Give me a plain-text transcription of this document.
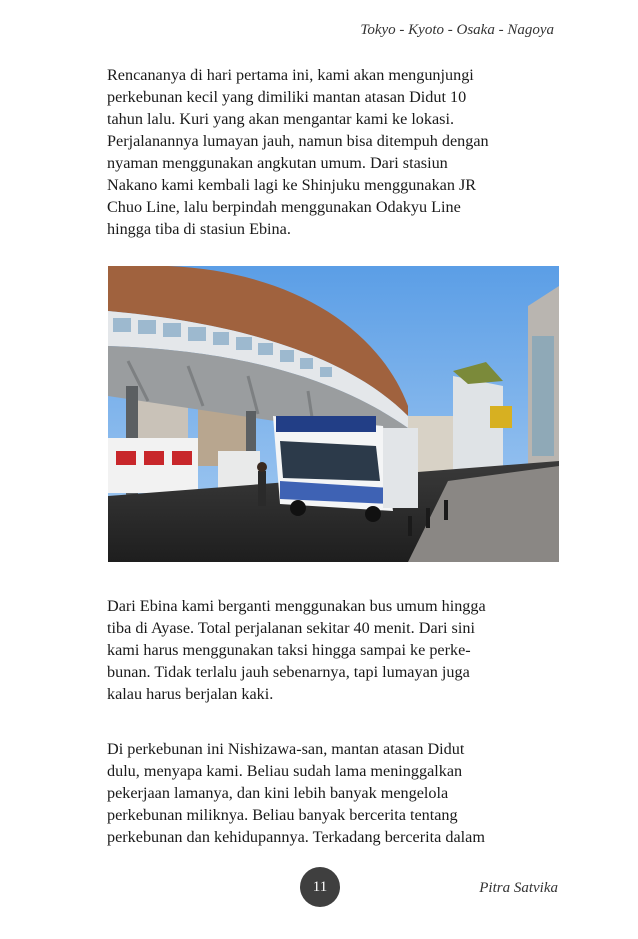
Tokyo - Kyoto - Osaka - Nagoya

Rencananya di hari pertama ini, kami akan mengunjungi
perkebunan kecil yang dimiliki mantan atasan Didut 10
tahun lalu. Kuri yang akan mengantar kami ke lokasi.
Perjalanannya lumayan jauh, namun bisa ditempuh dengan
nyaman menggunakan angkutan umum. Dari stasiun
Nakano kami kembali lagi ke Shinjuku menggunakan JR
Chuo Line, lalu berpindah menggunakan Odakyu Line
hingga tiba di stasiun Ebina.

Dari Ebina kami berganti menggunakan bus umum hingga
tiba di Ayase. Total perjalanan sekitar 40 menit. Dari sini
kami harus menggunakan taksi hingga sampai ke perke-
bunan. Tidak terlalu jauh sebenarnya, tapi lumayan juga
kalau harus berjalan kaki.

Di perkebunan ini Nishizawa-san, mantan atasan Didut
dulu, menyapa kami. Beliau sudah lama meninggalkan
pekerjaan lamanya, dan kini lebih banyak mengelola
perkebunan miliknya. Beliau banyak bercerita tentang
perkebunan dan kehidupannya. Terkadang bercerita dalam

11	Pitra Satvika
